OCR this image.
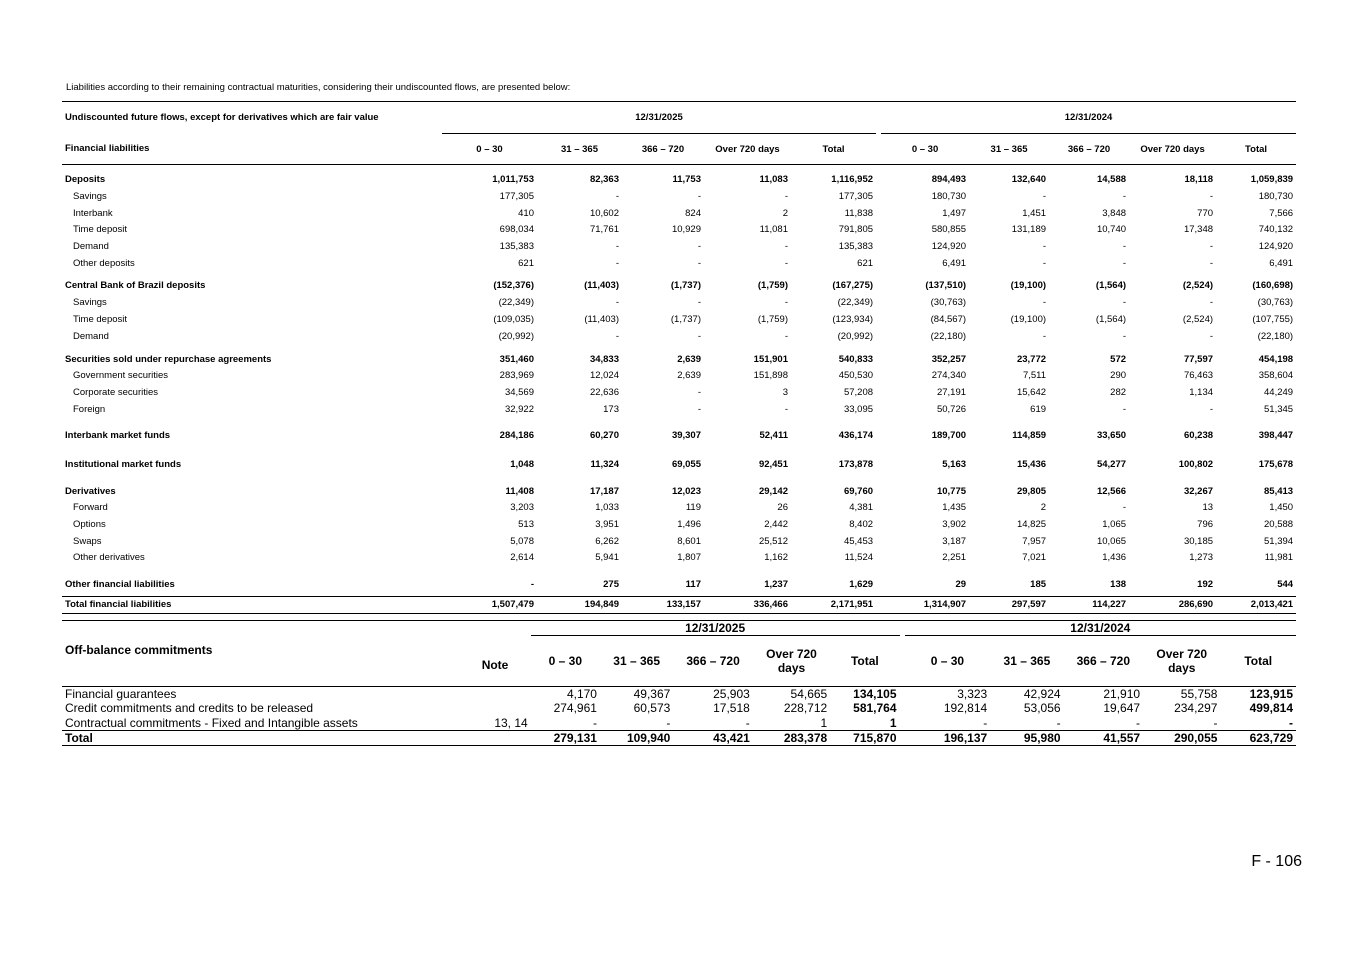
Liabilities according to their remaining contractual maturities, considering their undiscounted flows, are presented below:
Undiscounted future flows, except for derivatives which are fair value	12/31/2025						12/31/2024				
Financial liabilities	0 – 30	31 – 365	366 – 720	Over 720 days	Total		0 – 30	31 – 365	366 – 720	Over 720 days	Total

Deposits	1,011,753	82,363	11,753	11,083	1,116,952		894,493	132,640	14,588	18,118	1,059,839
Savings	177,305	-	-	-	177,305		180,730	-	-	-	180,730
Interbank	410	10,602	824	2	11,838		1,497	1,451	3,848	770	7,566
Time deposit	698,034	71,761	10,929	11,081	791,805		580,855	131,189	10,740	17,348	740,132
Demand	135,383	-	-	-	135,383		124,920	-	-	-	124,920
Other deposits	621	-	-	-	621		6,491	-	-	-	6,491

Central Bank of Brazil deposits	(152,376)	(11,403)	(1,737)	(1,759)	(167,275)		(137,510)	(19,100)	(1,564)	(2,524)	(160,698)
Savings	(22,349)	-	-	-	(22,349)		(30,763)	-	-	-	(30,763)
Time deposit	(109,035)	(11,403)	(1,737)	(1,759)	(123,934)		(84,567)	(19,100)	(1,564)	(2,524)	(107,755)
Demand	(20,992)	-	-	-	(20,992)		(22,180)	-	-	-	(22,180)

Securities sold under repurchase agreements	351,460	34,833	2,639	151,901	540,833		352,257	23,772	572	77,597	454,198
Government securities	283,969	12,024	2,639	151,898	450,530		274,340	7,511	290	76,463	358,604
Corporate securities	34,569	22,636	-	3	57,208		27,191	15,642	282	1,134	44,249
Foreign	32,922	173	-	-	33,095		50,726	619	-	-	51,345

Interbank market funds	284,186	60,270	39,307	52,411	436,174		189,700	114,859	33,650	60,238	398,447

Institutional market funds	1,048	11,324	69,055	92,451	173,878		5,163	15,436	54,277	100,802	175,678

Derivatives	11,408	17,187	12,023	29,142	69,760		10,775	29,805	12,566	32,267	85,413
Forward	3,203	1,033	119	26	4,381		1,435	2	-	13	1,450
Options	513	3,951	1,496	2,442	8,402		3,902	14,825	1,065	796	20,588
Swaps	5,078	6,262	8,601	25,512	45,453		3,187	7,957	10,065	30,185	51,394
Other derivatives	2,614	5,941	1,807	1,162	11,524		2,251	7,021	1,436	1,273	11,981

Other financial liabilities	-	275	117	1,237	1,629		29	185	138	192	544
Total financial liabilities	1,507,479	194,849	133,157	336,466	2,171,951		1,314,907	297,597	114,227	286,690	2,013,421
Off-balance commitments		12/31/2025						12/31/2024				
	Note	0 – 30	31 – 365	366 – 720	Over 720 days	Total		0 – 30	31 – 365	366 – 720	Over 720 days	Total
Financial guarantees		4,170	49,367	25,903	54,665	134,105		3,323	42,924	21,910	55,758	123,915
Credit commitments and credits to be released		274,961	60,573	17,518	228,712	581,764		192,814	53,056	19,647	234,297	499,814
Contractual commitments - Fixed and Intangible assets	13, 14	-	-	-	1	1		-	-	-	-	-
Total		279,131	109,940	43,421	283,378	715,870		196,137	95,980	41,557	290,055	623,729
F - 106
